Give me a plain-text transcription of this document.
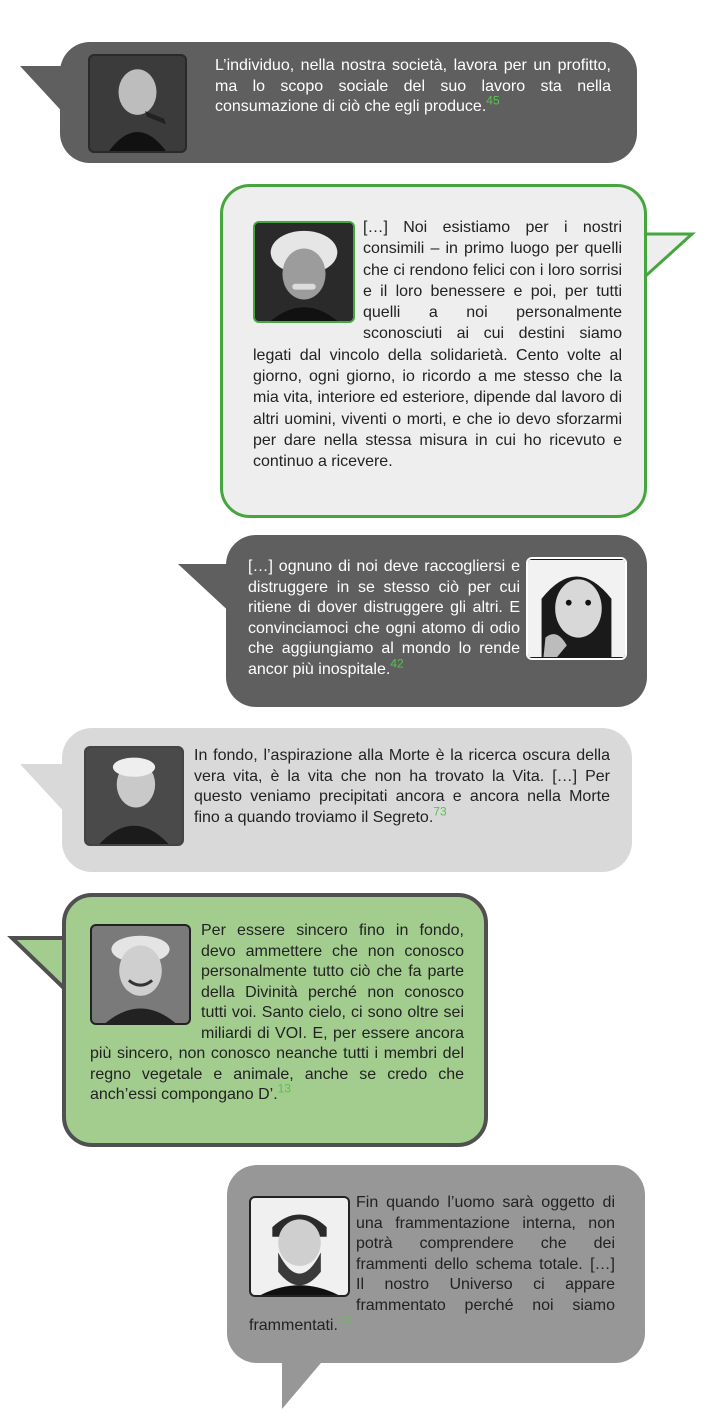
L’individuo, nella nostra società, lavora per un profitto, ma lo scopo sociale del suo lavoro sta nella consumazione di ciò che egli produce.$^{45}$
[…] Noi esistiamo per i nostri consimili – in primo luogo per quelli che ci rendono felici con i loro sorrisi e il loro benessere e poi, per tutti quelli a noi personalmente sconosciuti ai cui destini siamo legati dal vincolo della solidarietà. Cento volte al giorno, ogni giorno, io ricordo a me stesso che la mia vita, interiore ed esteriore, dipende dal lavoro di altri uomini, viventi o morti, e che io devo sforzarmi per dare nella stessa misura in cui ho ricevuto e continuo a ricevere.
[…] ognuno di noi deve raccogliersi e distruggere in se stesso ciò per cui ritiene di dover distruggere gli altri. E convinciamoci che ogni atomo di odio che aggiungiamo al mondo lo rende ancor più inospitale.$^{42}$
In fondo, l’aspirazione alla Morte è la ricerca oscura della vera vita, è la vita che non ha trovato la Vita. […] Per questo veniamo precipitati ancora e ancora nella Morte fino a quando troviamo il Segreto.$^{73}$
Per essere sincero fino in fondo, devo ammettere che non conosco personalmente tutto ciò che fa parte della Divinità perché non conosco tutti voi. Santo cielo, ci sono oltre sei miliardi di VOI. E, per essere ancora più sincero, non conosco neanche tutti i membri del regno vegetale e animale, anche se credo che anch’essi compongano D’.$^{13}$
Fin quando l’uomo sarà oggetto di una frammentazione interna, non potrà comprendere che dei frammenti dello schema totale. […] Il nostro Universo ci appare frammentato perché noi siamo frammentati.$^{12}$
